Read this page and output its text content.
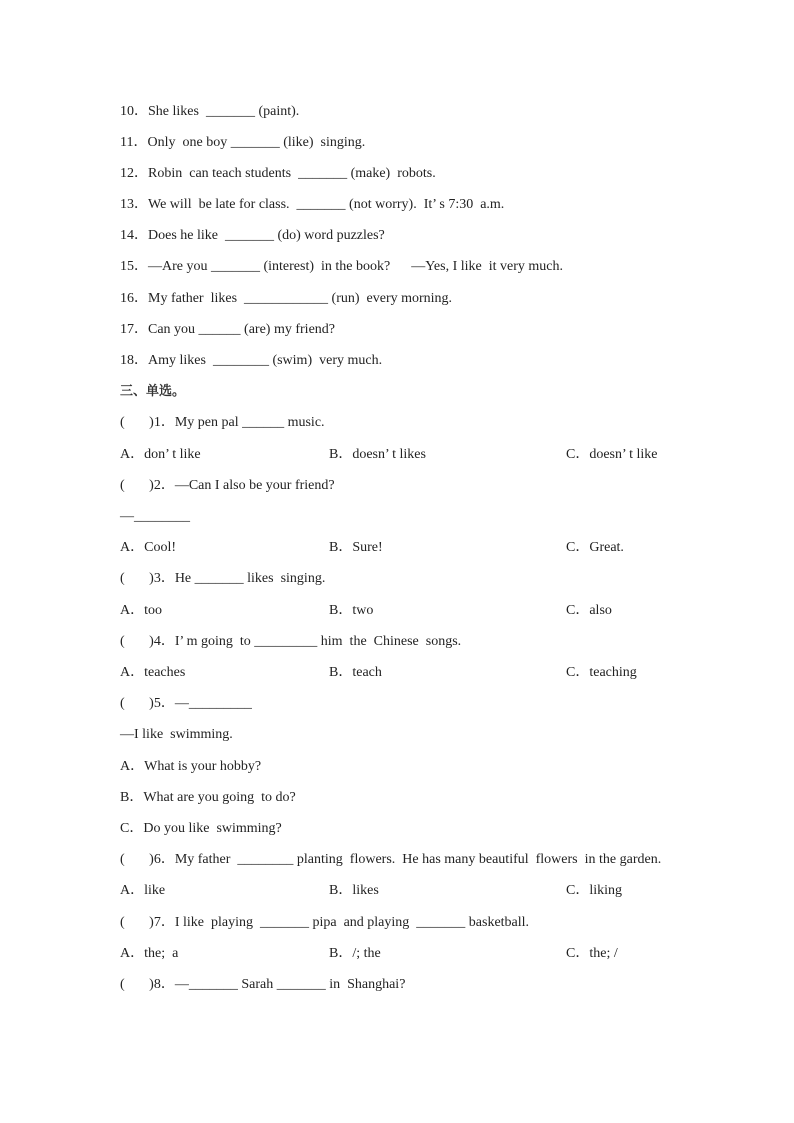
10．She likes  _______ (paint).
11．Only  one boy _______ (like)  singing.
12．Robin  can teach students  _______ (make)  robots.
13．We will  be late for class.  _______ (not worry).  It’ s 7:30  a.m.
14．Does he like  _______ (do) word puzzles?
15．—Are you _______ (interest)  in the book?      —Yes, I like  it very much.
16．My father  likes  ____________ (run)  every morning.
17．Can you ______ (are) my friend?
18．Amy likes  ________ (swim)  very much.
三、单选。
(       )1．My pen pal ______ music.
A．don’ t like	B．doesn’ t likes	C．doesn’ t like
(       )2．—Can I also be your friend?
—________
A．Cool!	B．Sure!	C．Great.
(       )3．He _______ likes  singing.
A．too	B．two	C．also
(       )4．I’ m going  to _________ him  the  Chinese  songs.
A．teaches	B．teach	C．teaching
(       )5．—_________
—I like  swimming.
A．What is your hobby?
B．What are you going  to do?
C．Do you like  swimming?
(       )6．My father  ________ planting  flowers.  He has many beautiful  flowers  in the garden.
A．like	B．likes	C．liking
(       )7．I like  playing  _______ pipa  and playing  _______ basketball.
A．the;  a	B．/; the	C．the; /
(       )8．—_______ Sarah _______ in  Shanghai?
